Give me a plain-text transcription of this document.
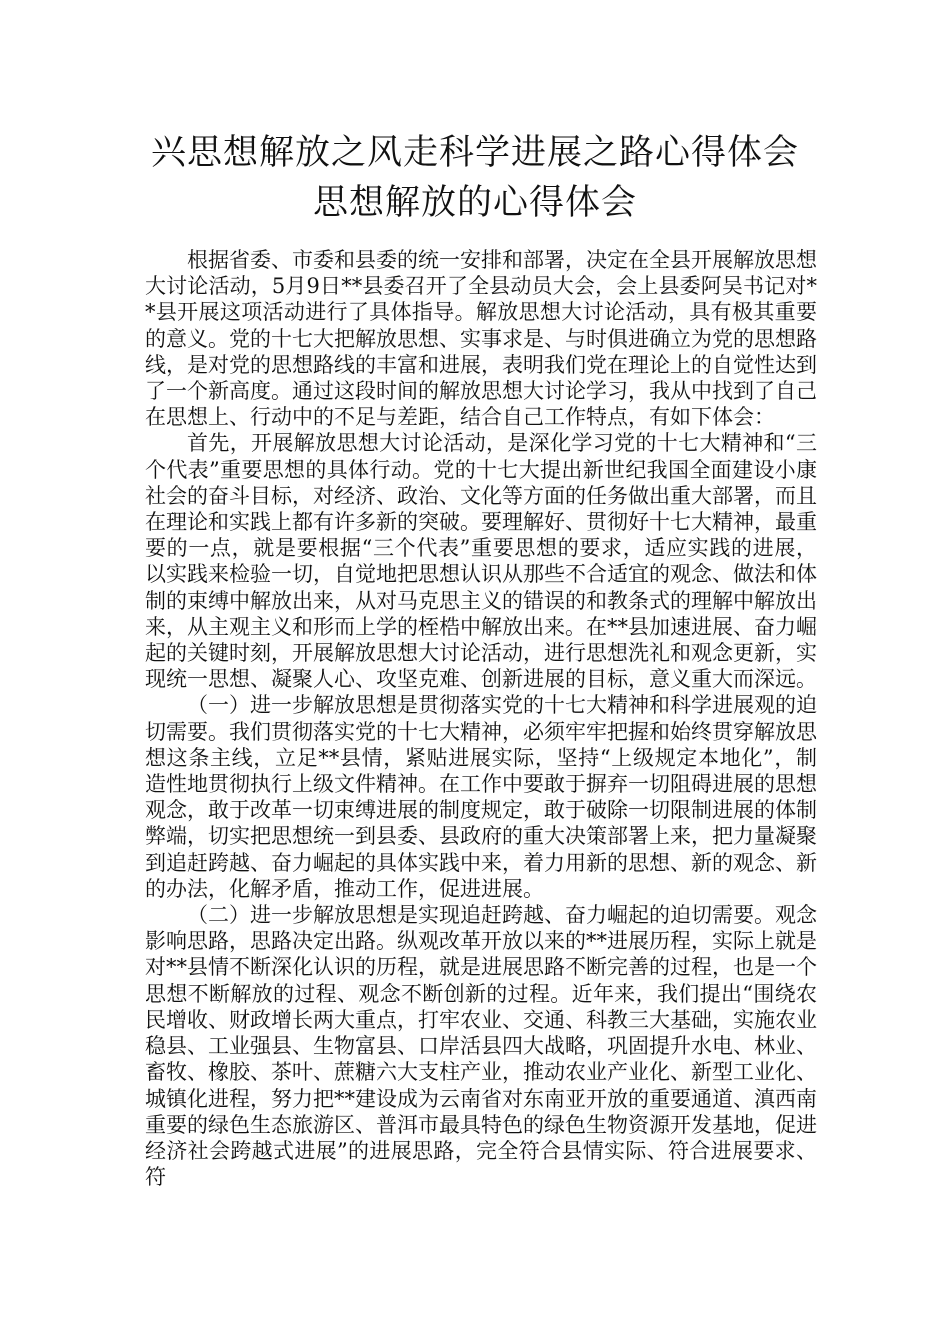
兴思想解放之风走科学进展之路心得体会
思想解放的心得体会

根据省委、市委和县委的统一安排和部署，决定在全县开展解放思想大讨论活动，5月9日**县委召开了全县动员大会，会上县委阿吴书记对**县开展这项活动进行了具体指导。解放思想大讨论活动，具有极其重要的意义。党的十七大把解放思想、实事求是、与时俱进确立为党的思想路线，是对党的思想路线的丰富和进展，表明我们党在理论上的自觉性达到了一个新高度。通过这段时间的解放思想大讨论学习，我从中找到了自己在思想上、行动中的不足与差距，结合自己工作特点，有如下体会：

首先，开展解放思想大讨论活动，是深化学习党的十七大精神和“三个代表”重要思想的具体行动。党的十七大提出新世纪我国全面建设小康社会的奋斗目标，对经济、政治、文化等方面的任务做出重大部署，而且在理论和实践上都有许多新的突破。要理解好、贯彻好十七大精神，最重要的一点，就是要根据“三个代表”重要思想的要求，适应实践的进展，以实践来检验一切，自觉地把思想认识从那些不合适宜的观念、做法和体制的束缚中解放出来，从对马克思主义的错误的和教条式的理解中解放出来，从主观主义和形而上学的桎梏中解放出来。在**县加速进展、奋力崛起的关键时刻，开展解放思想大讨论活动，进行思想洗礼和观念更新，实现统一思想、凝聚人心、攻坚克难、创新进展的目标，意义重大而深远。

（一）进一步解放思想是贯彻落实党的十七大精神和科学进展观的迫切需要。我们贯彻落实党的十七大精神，必须牢牢把握和始终贯穿解放思想这条主线，立足**县情，紧贴进展实际，坚持“上级规定本地化”，制造性地贯彻执行上级文件精神。在工作中要敢于摒弃一切阻碍进展的思想观念，敢于改革一切束缚进展的制度规定，敢于破除一切限制进展的体制弊端，切实把思想统一到县委、县政府的重大决策部署上来，把力量凝聚到追赶跨越、奋力崛起的具体实践中来，着力用新的思想、新的观念、新的办法，化解矛盾，推动工作，促进进展。

（二）进一步解放思想是实现追赶跨越、奋力崛起的迫切需要。观念影响思路，思路决定出路。纵观改革开放以来的**进展历程，实际上就是对**县情不断深化认识的历程，就是进展思路不断完善的过程，也是一个思想不断解放的过程、观念不断创新的过程。近年来，我们提出“围绕农民增收、财政增长两大重点，打牢农业、交通、科教三大基础，实施农业稳县、工业强县、生物富县、口岸活县四大战略，巩固提升水电、林业、畜牧、橡胶、茶叶、蔗糖六大支柱产业，推动农业产业化、新型工业化、城镇化进程，努力把**建设成为云南省对东南亚开放的重要通道、滇西南重要的绿色生态旅游区、普洱市最具特色的绿色生物资源开发基地，促进经济社会跨越式进展”的进展思路，完全符合县情实际、符合进展要求、符
